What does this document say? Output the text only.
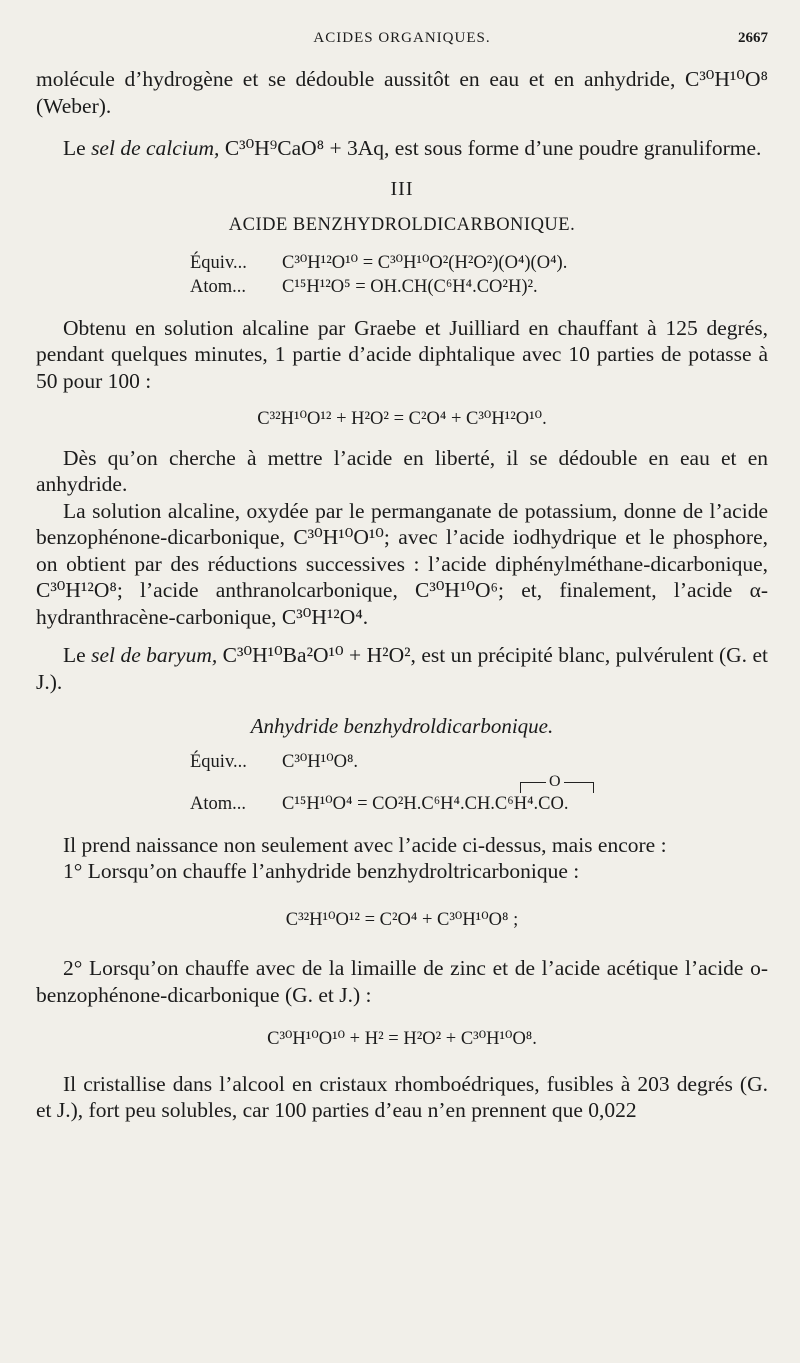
ACIDES ORGANIQUES.	2667

molécule d’hydrogène et se dédouble aussitôt en eau et en anhydride, C³⁰H¹⁰O⁸ (Weber).

Le sel de calcium, C³⁰H⁹CaO⁸ + 3Aq, est sous forme d’une poudre granuliforme.

III
ACIDE BENZHYDROLDICARBONIQUE.
Équiv...	C³⁰H¹²O¹⁰ = C³⁰H¹⁰O²(H²O²)(O⁴)(O⁴).
Atom...	C¹⁵H¹²O⁵ = OH.CH(C⁶H⁴.CO²H)².

Obtenu en solution alcaline par Graebe et Juilliard en chauffant à 125 degrés, pendant quelques minutes, 1 partie d’acide diphtalique avec 10 parties de potasse à 50 pour 100 :

C³²H¹⁰O¹² + H²O² = C²O⁴ + C³⁰H¹²O¹⁰.

Dès qu’on cherche à mettre l’acide en liberté, il se dédouble en eau et en anhydride.

La solution alcaline, oxydée par le permanganate de potassium, donne de l’acide benzophénone-dicarbonique, C³⁰H¹⁰O¹⁰; avec l’acide iodhydrique et le phosphore, on obtient par des réductions successives : l’acide diphénylméthane-dicarbonique, C³⁰H¹²O⁸; l’acide anthranolcarbonique, C³⁰H¹⁰O⁶; et, finalement, l’acide α-hydranthracène-carbonique, C³⁰H¹²O⁴.

Le sel de baryum, C³⁰H¹⁰Ba²O¹⁰ + H²O², est un précipité blanc, pulvérulent (G. et J.).

Anhydride benzhydroldicarbonique.
Équiv...	C³⁰H¹⁰O⁸.
O
Atom...	C¹⁵H¹⁰O⁴ = CO²H.C⁶H⁴.CH.C⁶H⁴.CO.

Il prend naissance non seulement avec l’acide ci-dessus, mais encore :

1° Lorsqu’on chauffe l’anhydride benzhydroltricarbonique :

C³²H¹⁰O¹² = C²O⁴ + C³⁰H¹⁰O⁸ ;

2° Lorsqu’on chauffe avec de la limaille de zinc et de l’acide acétique l’acide o-benzophénone-dicarbonique (G. et J.) :

C³⁰H¹⁰O¹⁰ + H² = H²O² + C³⁰H¹⁰O⁸.

Il cristallise dans l’alcool en cristaux rhomboédriques, fusibles à 203 degrés (G. et J.), fort peu solubles, car 100 parties d’eau n’en prennent que 0,022
